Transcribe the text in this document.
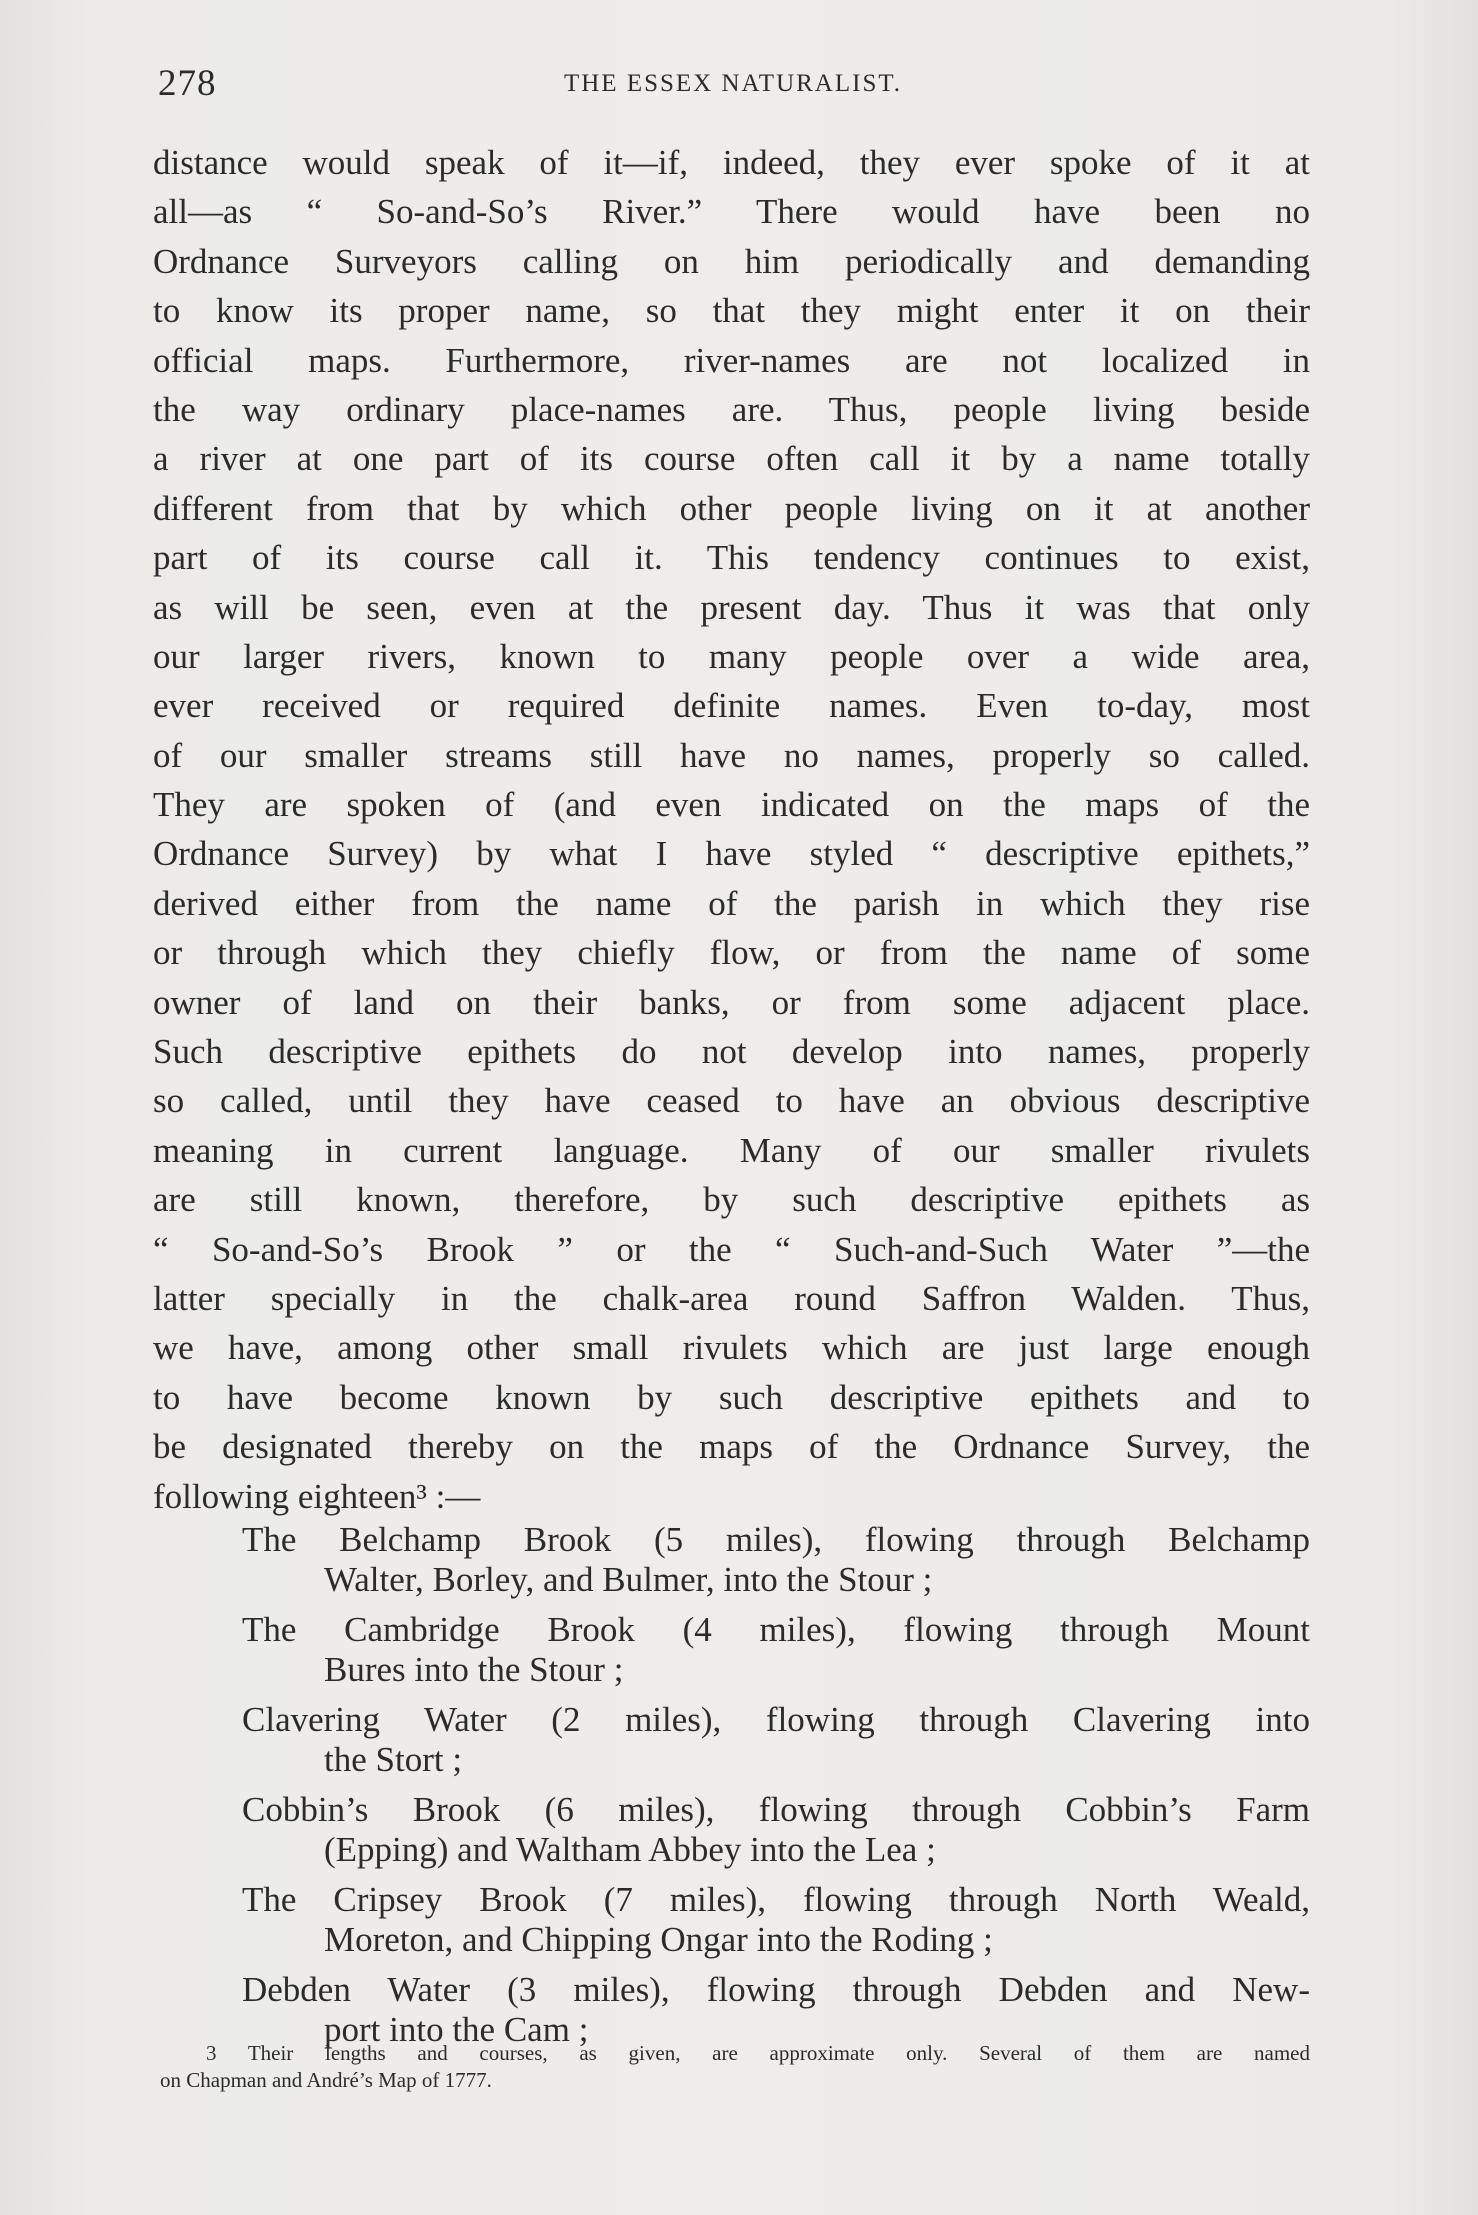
278	THE ESSEX NATURALIST.
distance would speak of it—if, indeed, they ever spoke of it at
all—as “ So-and-So’s River.” There would have been no
Ordnance Surveyors calling on him periodically and demanding
to know its proper name, so that they might enter it on their
official maps. Furthermore, river-names are not localized in
the way ordinary place-names are. Thus, people living beside
a river at one part of its course often call it by a name totally
different from that by which other people living on it at another
part of its course call it. This tendency continues to exist,
as will be seen, even at the present day. Thus it was that only
our larger rivers, known to many people over a wide area,
ever received or required definite names. Even to-day, most
of our smaller streams still have no names, properly so called.
They are spoken of (and even indicated on the maps of the
Ordnance Survey) by what I have styled “ descriptive epithets,”
derived either from the name of the parish in which they rise
or through which they chiefly flow, or from the name of some
owner of land on their banks, or from some adjacent place.
Such descriptive epithets do not develop into names, properly
so called, until they have ceased to have an obvious descriptive
meaning in current language. Many of our smaller rivulets
are still known, therefore, by such descriptive epithets as
“ So-and-So’s Brook ” or the “ Such-and-Such Water ”—the
latter specially in the chalk-area round Saffron Walden. Thus,
we have, among other small rivulets which are just large enough
to have become known by such descriptive epithets and to
be designated thereby on the maps of the Ordnance Survey, the
following eighteen³ :—
The Belchamp Brook (5 miles), flowing through Belchamp
Walter, Borley, and Bulmer, into the Stour ;
The Cambridge Brook (4 miles), flowing through Mount
Bures into the Stour ;
Clavering Water (2 miles), flowing through Clavering into
the Stort ;
Cobbin’s Brook (6 miles), flowing through Cobbin’s Farm
(Epping) and Waltham Abbey into the Lea ;
The Cripsey Brook (7 miles), flowing through North Weald,
Moreton, and Chipping Ongar into the Roding ;
Debden Water (3 miles), flowing through Debden and New-
port into the Cam ;
3 Their lengths and courses, as given, are approximate only. Several of them are named
on Chapman and André’s Map of 1777.
